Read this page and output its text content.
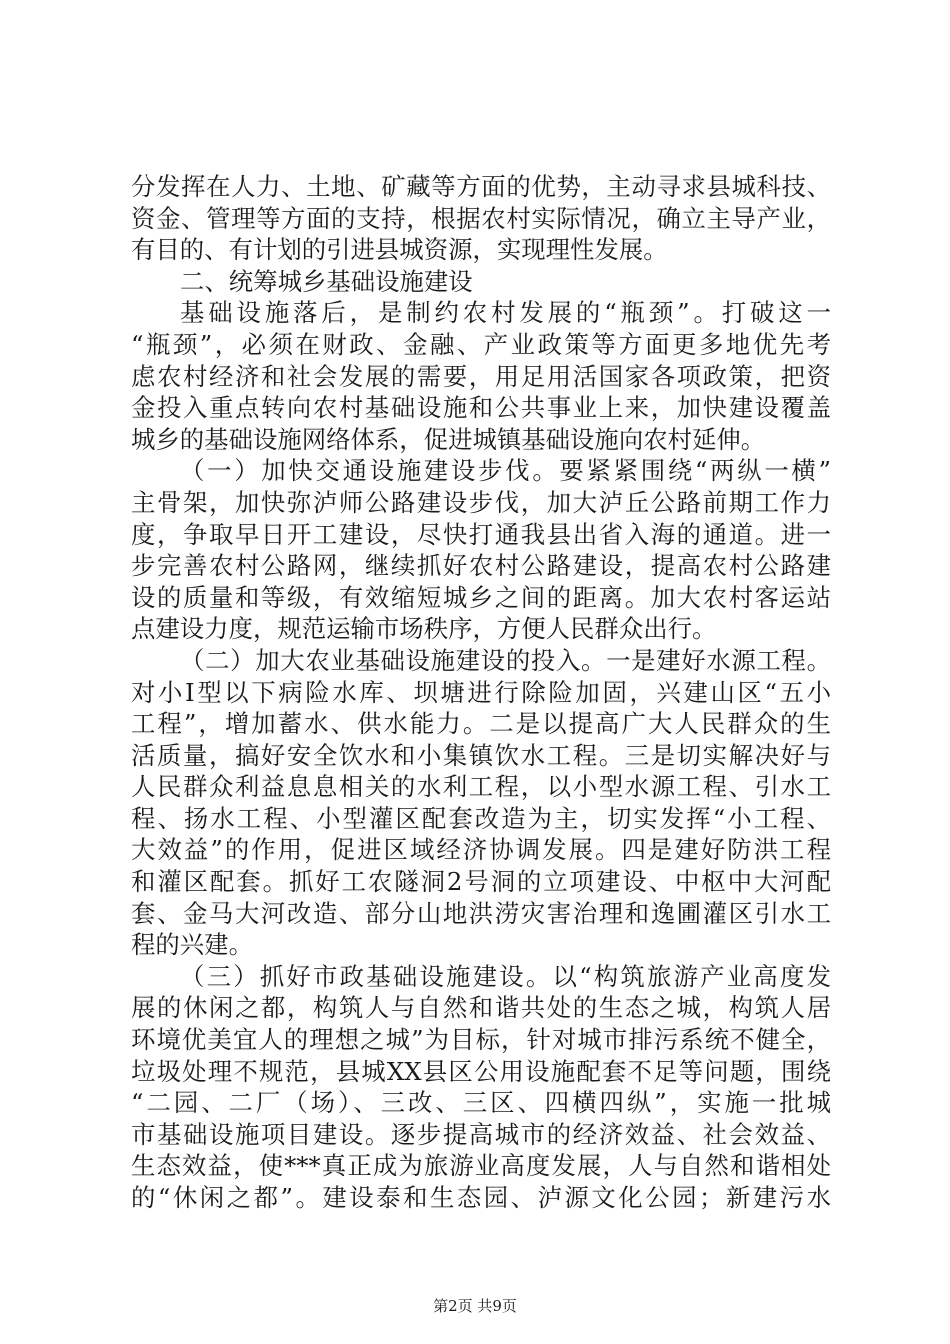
分发挥在人力、土地、矿藏等方面的优势，主动寻求县城科技、
资金、管理等方面的支持，根据农村实际情况，确立主导产业，
有目的、有计划的引进县城资源，实现理性发展。
二、统筹城乡基础设施建设
基础设施落后，是制约农村发展的“瓶颈”。打破这一
“瓶颈”，必须在财政、金融、产业政策等方面更多地优先考
虑农村经济和社会发展的需要，用足用活国家各项政策，把资
金投入重点转向农村基础设施和公共事业上来，加快建设覆盖
城乡的基础设施网络体系，促进城镇基础设施向农村延伸。
（一）加快交通设施建设步伐。要紧紧围绕“两纵一横”
主骨架，加快弥泸师公路建设步伐，加大泸丘公路前期工作力
度，争取早日开工建设，尽快打通我县出省入海的通道。进一
步完善农村公路网，继续抓好农村公路建设，提高农村公路建
设的质量和等级，有效缩短城乡之间的距离。加大农村客运站
点建设力度，规范运输市场秩序，方便人民群众出行。
（二）加大农业基础设施建设的投入。一是建好水源工程。
对小Ⅰ型以下病险水库、坝塘进行除险加固，兴建山区“五小
工程”，增加蓄水、供水能力。二是以提高广大人民群众的生
活质量，搞好安全饮水和小集镇饮水工程。三是切实解决好与
人民群众利益息息相关的水利工程，以小型水源工程、引水工
程、扬水工程、小型灌区配套改造为主，切实发挥“小工程、
大效益”的作用，促进区域经济协调发展。四是建好防洪工程
和灌区配套。抓好工农隧洞2号洞的立项建设、中枢中大河配
套、金马大河改造、部分山地洪涝灾害治理和逸圃灌区引水工
程的兴建。
（三）抓好市政基础设施建设。以“构筑旅游产业高度发
展的休闲之都，构筑人与自然和谐共处的生态之城，构筑人居
环境优美宜人的理想之城”为目标，针对城市排污系统不健全，
垃圾处理不规范，县城XX县区公用设施配套不足等问题，围绕
“二园、二厂（场）、三改、三区、四横四纵”，实施一批城
市基础设施项目建设。逐步提高城市的经济效益、社会效益、
生态效益，使***真正成为旅游业高度发展，人与自然和谐相处
的“休闲之都”。建设泰和生态园、泸源文化公园；新建污水
第2页 共9页
